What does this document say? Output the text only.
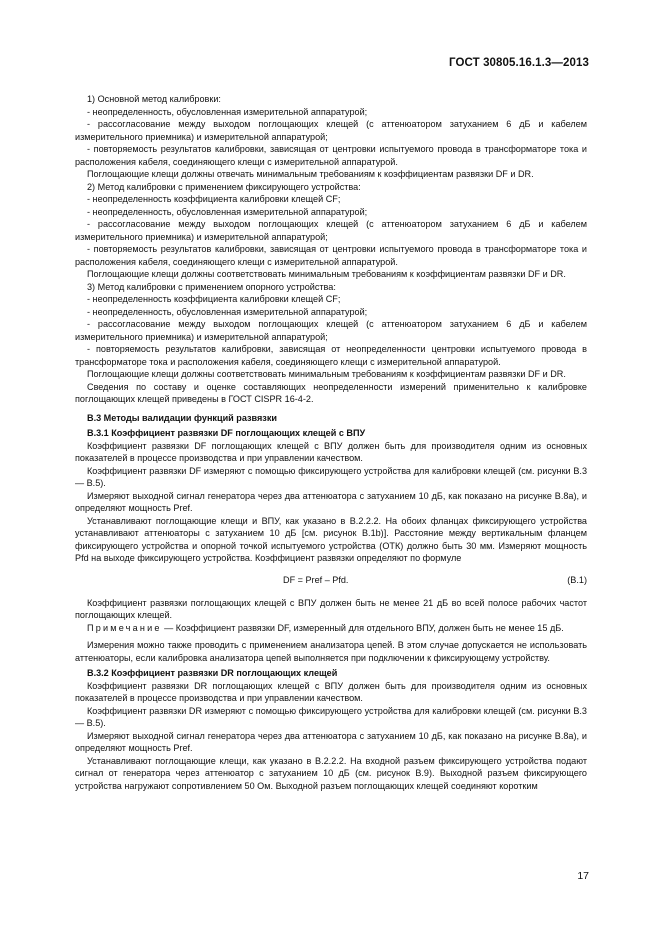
ГОСТ 30805.16.1.3—2013

1) Основной метод калибровки:

- неопределенность, обусловленная измерительной аппаратурой;

- рассогласование между выходом поглощающих клещей (с аттенюатором затуханием 6 дБ и кабелем измерительного приемника) и измерительной аппаратурой;

- повторяемость результатов калибровки, зависящая от центровки испытуемого провода в трансформаторе тока и расположения кабеля, соединяющего клещи с измерительной аппаратурой.

Поглощающие клещи должны отвечать минимальным требованиям к коэффициентам развязки DF и DR.

2) Метод калибровки с применением фиксирующего устройства:

- неопределенность коэффициента калибровки клещей CF;

- неопределенность, обусловленная измерительной аппаратурой;

- рассогласование между выходом поглощающих клещей (с аттенюатором затуханием 6 дБ и кабелем измерительного приемника) и измерительной аппаратурой;

- повторяемость результатов калибровки, зависящая от центровки испытуемого провода в трансформаторе тока и расположения кабеля, соединяющего клещи с измерительной аппаратурой.

Поглощающие клещи должны соответствовать минимальным требованиям к коэффициентам развязки DF и DR.

3) Метод калибровки с применением опорного устройства:

- неопределенность коэффициента калибровки клещей CF;

- неопределенность, обусловленная измерительной аппаратурой;

- рассогласование между выходом поглощающих клещей (с аттенюатором затуханием 6 дБ и кабелем измерительного приемника) и измерительной аппаратурой;

- повторяемость результатов калибровки, зависящая от неопределенности центровки испытуемого провода в трансформаторе тока и расположения кабеля, соединяющего клещи с измерительной аппаратурой.

Поглощающие клещи должны соответствовать минимальным требованиям к коэффициентам развязки DF и DR.

Сведения по составу и оценке составляющих неопределенности измерений применительно к калибровке поглощающих клещей приведены в ГОСТ CISPR 16-4-2.

В.3 Методы валидации функций развязки
В.3.1 Коэффициент развязки DF поглощающих клещей с ВПУ

Коэффициент развязки DF поглощающих клещей с ВПУ должен быть для производителя одним из основных показателей в процессе производства и при управлении качеством.

Коэффициент развязки DF измеряют с помощью фиксирующего устройства для калибровки клещей (см. рисунки В.3 — В.5).

Измеряют выходной сигнал генератора через два аттенюатора с затуханием 10 дБ, как показано на рисунке В.8а), и определяют мощность Pref.

Устанавливают поглощающие клещи и ВПУ, как указано в В.2.2.2. На обоих фланцах фиксирующего устройства устанавливают аттенюаторы с затуханием 10 дБ [см. рисунок В.1b)]. Расстояние между вертикальным фланцем фиксирующего устройства и опорной точкой испытуемого устройства (ОТК) должно быть 30 мм. Измеряют мощность Pfd на выходе фиксирующего устройства. Коэффициент развязки определяют по формуле

DF = Pref – Pfd.	(В.1)

Коэффициент развязки поглощающих клещей с ВПУ должен быть не менее 21 дБ во всей полосе рабочих частот поглощающих клещей.

Примечание — Коэффициент развязки DF, измеренный для отдельного ВПУ, должен быть не менее 15 дБ.

Измерения можно также проводить с применением анализатора цепей. В этом случае допускается не использовать аттенюаторы, если калибровка анализатора цепей выполняется при подключении к фиксирующему устройству.

В.3.2 Коэффициент развязки DR поглощающих клещей

Коэффициент развязки DR поглощающих клещей с ВПУ должен быть для производителя одним из основных показателей в процессе производства и при управлении качеством.

Коэффициент развязки DR измеряют с помощью фиксирующего устройства для калибровки клещей (см. рисунки В.3 — В.5).

Измеряют выходной сигнал генератора через два аттенюатора с затуханием 10 дБ, как показано на рисунке В.8а), и определяют мощность Pref.

Устанавливают поглощающие клещи, как указано в В.2.2.2. На входной разъем фиксирующего устройства подают сигнал от генератора через аттенюатор с затуханием 10 дБ (см. рисунок В.9). Выходной разъем фиксирующего устройства нагружают сопротивлением 50 Ом. Выходной разъем поглощающих клещей соединяют коротким

17
